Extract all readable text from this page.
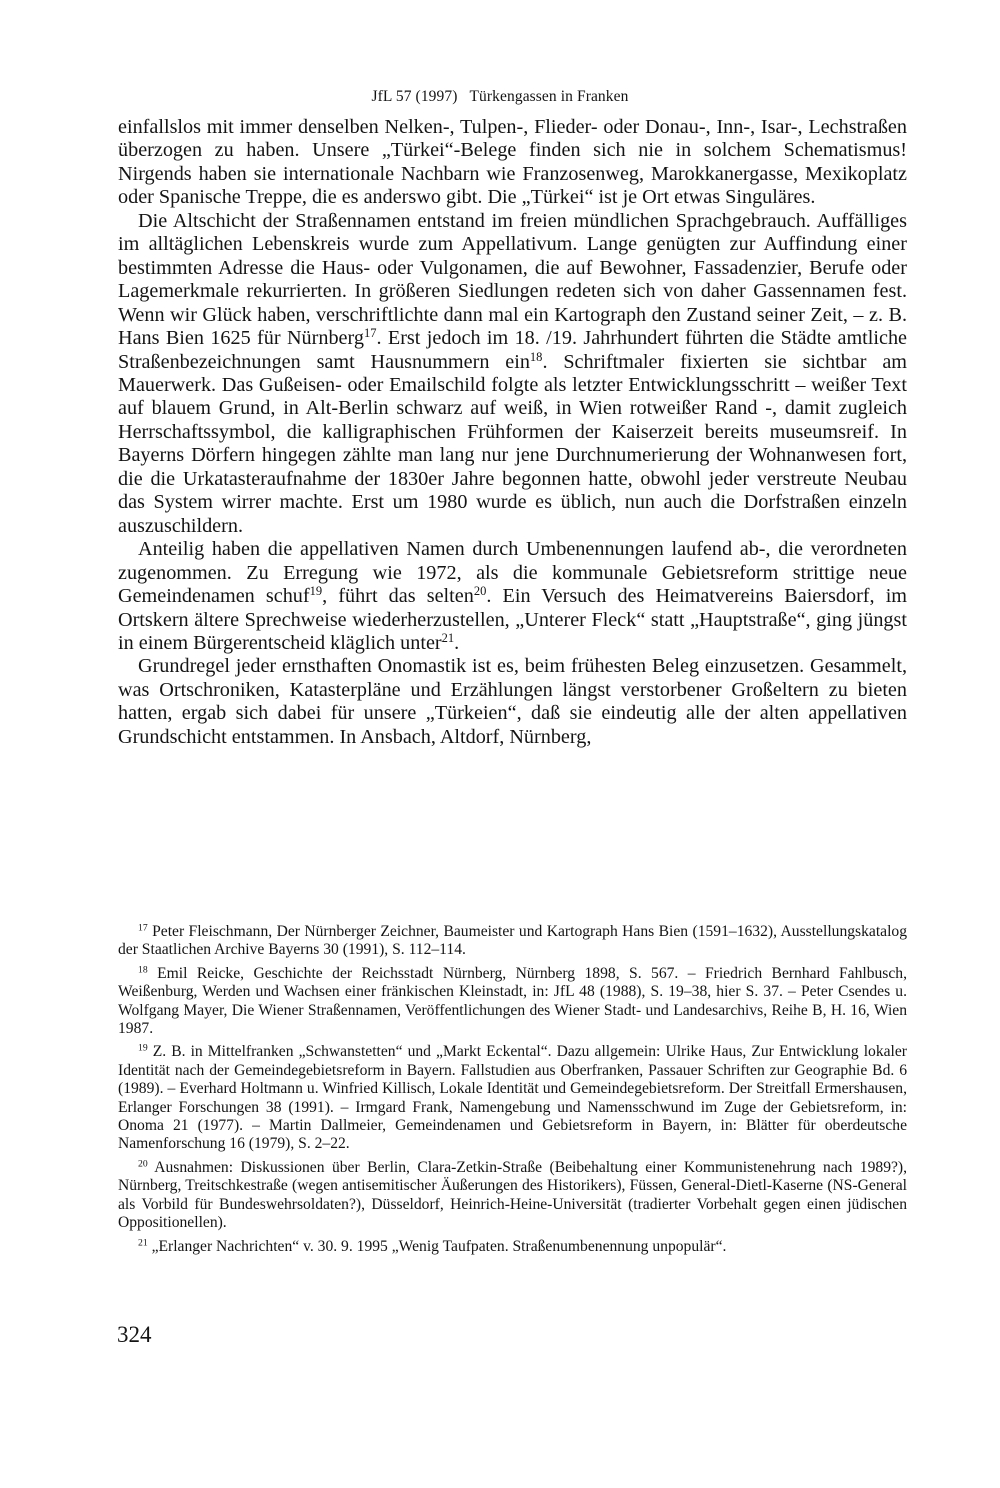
JfL 57 (1997) Türkengassen in Franken

einfallslos mit immer denselben Nelken-, Tulpen-, Flieder- oder Donau-, Inn-, Isar-, Lechstraßen überzogen zu haben. Unsere „Türkei“-Belege finden sich nie in solchem Schematismus! Nirgends haben sie internationale Nachbarn wie Franzosenweg, Marokkanergasse, Mexikoplatz oder Spanische Treppe, die es anderswo gibt. Die „Türkei“ ist je Ort etwas Singuläres.

Die Altschicht der Straßennamen entstand im freien mündlichen Sprachgebrauch. Auffälliges im alltäglichen Lebenskreis wurde zum Appellativum. Lange genügten zur Auffindung einer bestimmten Adresse die Haus- oder Vulgonamen, die auf Bewohner, Fassadenzier, Berufe oder Lagemerkmale rekurrierten. In größeren Siedlungen redeten sich von daher Gassennamen fest. Wenn wir Glück haben, verschriftlichte dann mal ein Kartograph den Zustand seiner Zeit, – z. B. Hans Bien 1625 für Nürnberg$^{17}$. Erst jedoch im 18. /19. Jahrhundert führten die Städte amtliche Straßenbezeichnungen samt Hausnummern ein$^{18}$. Schriftmaler fixierten sie sichtbar am Mauerwerk. Das Gußeisen- oder Emailschild folgte als letzter Entwicklungsschritt – weißer Text auf blauem Grund, in Alt-Berlin schwarz auf weiß, in Wien rotweißer Rand -, damit zugleich Herrschaftssymbol, die kalligraphischen Frühformen der Kaiserzeit bereits museumsreif. In Bayerns Dörfern hingegen zählte man lang nur jene Durchnumerierung der Wohnanwesen fort, die die Urkatasteraufnahme der 1830er Jahre begonnen hatte, obwohl jeder verstreute Neubau das System wirrer machte. Erst um 1980 wurde es üblich, nun auch die Dorfstraßen einzeln auszuschildern.

Anteilig haben die appellativen Namen durch Umbenennungen laufend ab-, die verordneten zugenommen. Zu Erregung wie 1972, als die kommunale Gebietsreform strittige neue Gemeindenamen schuf$^{19}$, führt das selten$^{20}$. Ein Versuch des Heimatvereins Baiersdorf, im Ortskern ältere Sprechweise wiederherzustellen, „Unterer Fleck“ statt „Hauptstraße“, ging jüngst in einem Bürgerentscheid kläglich unter$^{21}$.

Grundregel jeder ernsthaften Onomastik ist es, beim frühesten Beleg einzusetzen. Gesammelt, was Ortschroniken, Katasterpläne und Erzählungen längst verstorbener Großeltern zu bieten hatten, ergab sich dabei für unsere „Türkeien“, daß sie eindeutig alle der alten appellativen Grundschicht entstammen. In Ansbach, Altdorf, Nürnberg,

$^{17}$ Peter Fleischmann, Der Nürnberger Zeichner, Baumeister und Kartograph Hans Bien (1591–1632), Ausstellungskatalog der Staatlichen Archive Bayerns 30 (1991), S. 112–114.

$^{18}$ Emil Reicke, Geschichte der Reichsstadt Nürnberg, Nürnberg 1898, S. 567. – Friedrich Bernhard Fahlbusch, Weißenburg, Werden und Wachsen einer fränkischen Kleinstadt, in: JfL 48 (1988), S. 19–38, hier S. 37. – Peter Csendes u. Wolfgang Mayer, Die Wiener Straßennamen, Veröffentlichungen des Wiener Stadt- und Landesarchivs, Reihe B, H. 16, Wien 1987.

$^{19}$ Z. B. in Mittelfranken „Schwanstetten“ und „Markt Eckental“. Dazu allgemein: Ulrike Haus, Zur Entwicklung lokaler Identität nach der Gemeindegebietsreform in Bayern. Fallstudien aus Oberfranken, Passauer Schriften zur Geographie Bd. 6 (1989). – Everhard Holtmann u. Winfried Killisch, Lokale Identität und Gemeindegebietsreform. Der Streitfall Ermershausen, Erlanger Forschungen 38 (1991). – Irmgard Frank, Namengebung und Namensschwund im Zuge der Gebietsreform, in: Onoma 21 (1977). – Martin Dallmeier, Gemeindenamen und Gebietsreform in Bayern, in: Blätter für oberdeutsche Namenforschung 16 (1979), S. 2–22.

$^{20}$ Ausnahmen: Diskussionen über Berlin, Clara-Zetkin-Straße (Beibehaltung einer Kommunistenehrung nach 1989?), Nürnberg, Treitschkestraße (wegen antisemitischer Äußerungen des Historikers), Füssen, General-Dietl-Kaserne (NS-General als Vorbild für Bundeswehrsoldaten?), Düsseldorf, Heinrich-Heine-Universität (tradierter Vorbehalt gegen einen jüdischen Oppositionellen).

$^{21}$ „Erlanger Nachrichten“ v. 30. 9. 1995 „Wenig Taufpaten. Straßenumbenennung unpopulär“.

324
